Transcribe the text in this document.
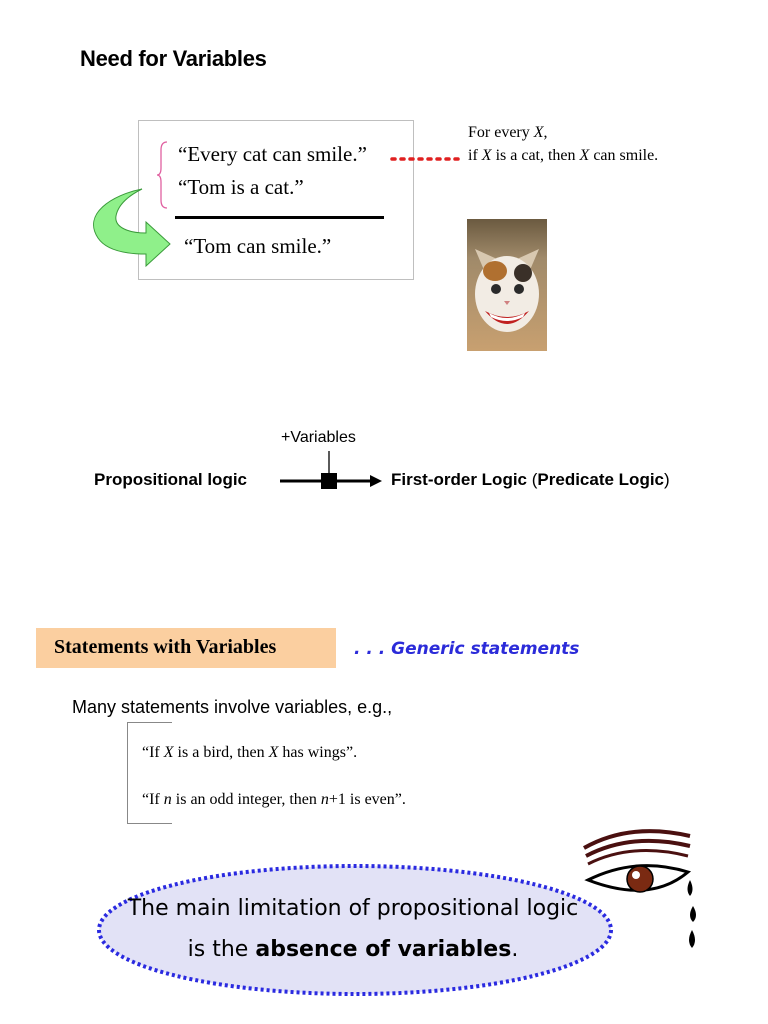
Need for Variables
“Every cat can smile.”
“Tom is a cat.”
“Tom can smile.”
For every X,
if X is a cat, then X can smile.
Propositional logic
+Variables
First-order Logic (Predicate Logic)
Statements with Variables	. . . Generic statements
Many statements involve variables, e.g.,
“If X is a bird, then X has wings”.
“If n is an odd integer, then n+1 is even”.
The main limitation of propositional logic
is the absence of variables.
